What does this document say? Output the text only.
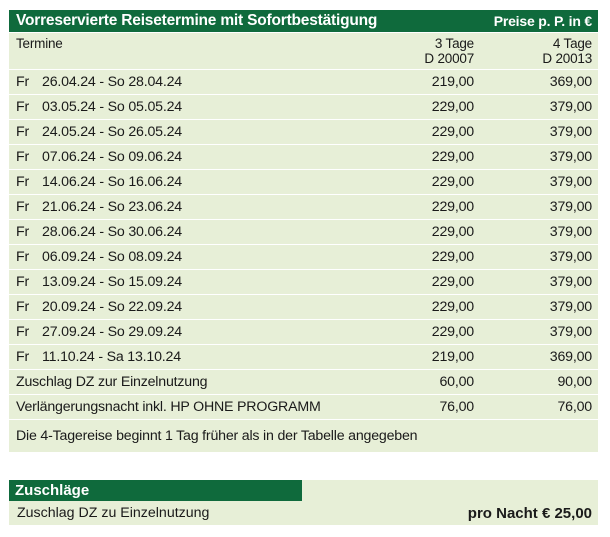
Vorreservierte Reisetermine mit Sofortbestätigung	Preise p. P. in €
Termine	3 Tage	4 Tage
D 20007	D 20013
Fr 26.04.24 - So 28.04.24	219,00	369,00
Fr 03.05.24 - So 05.05.24	229,00	379,00
Fr 24.05.24 - So 26.05.24	229,00	379,00
Fr 07.06.24 - So 09.06.24	229,00	379,00
Fr 14.06.24 - So 16.06.24	229,00	379,00
Fr 21.06.24 - So 23.06.24	229,00	379,00
Fr 28.06.24 - So 30.06.24	229,00	379,00
Fr 06.09.24 - So 08.09.24	229,00	379,00
Fr 13.09.24 - So 15.09.24	229,00	379,00
Fr 20.09.24 - So 22.09.24	229,00	379,00
Fr 27.09.24 - So 29.09.24	229,00	379,00
Fr 11.10.24 - Sa 13.10.24	219,00	369,00
Zuschlag DZ zur Einzelnutzung	60,00	90,00
Verlängerungsnacht inkl. HP OHNE PROGRAMM	76,00	76,00
Die 4-Tagereise beginnt 1 Tag früher als in der Tabelle angegeben
Zuschläge
Zuschlag DZ zu Einzelnutzung	pro Nacht € 25,00
